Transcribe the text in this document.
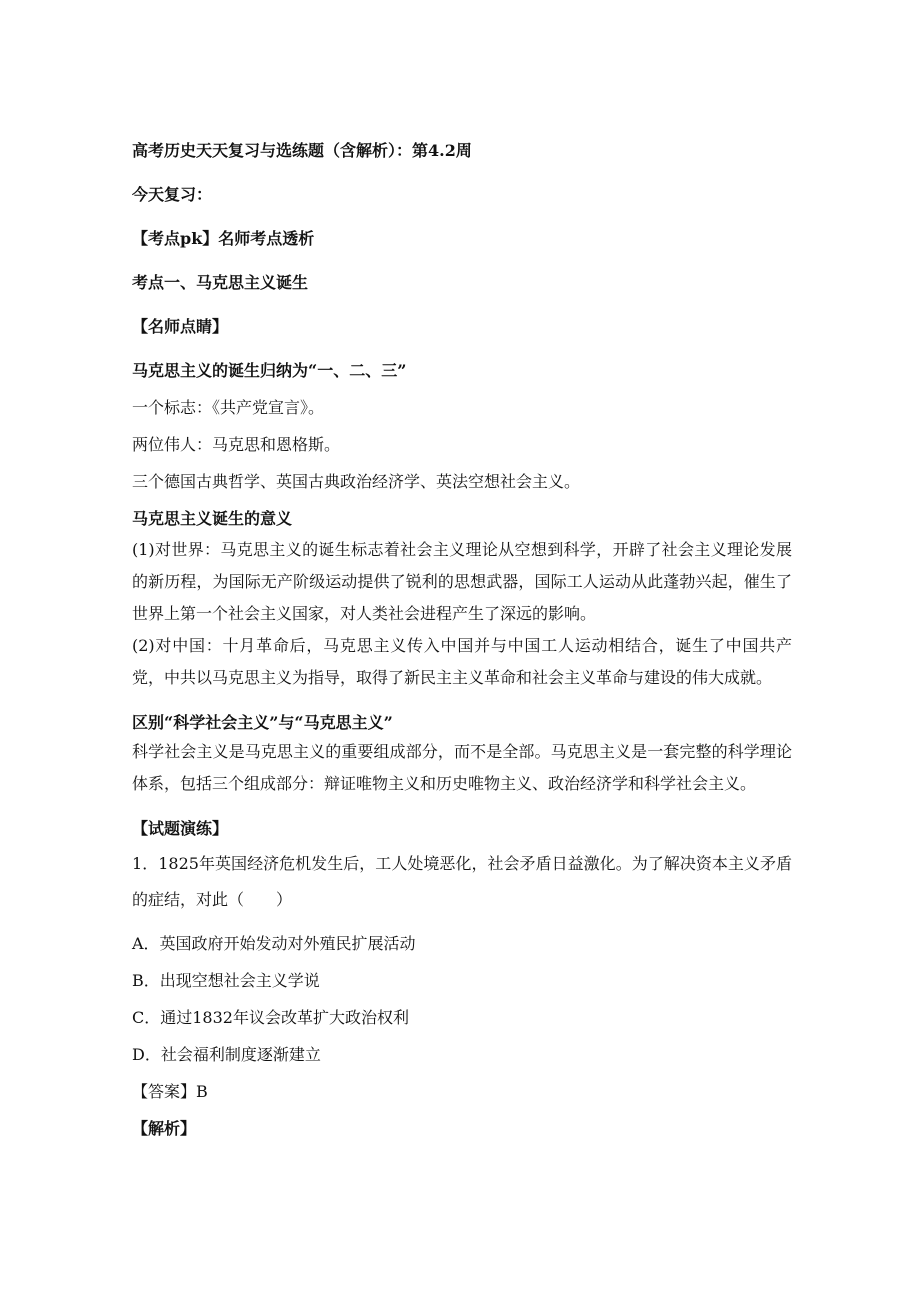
高考历史天天复习与选练题（含解析）：第4.2周
今天复习：
【考点pk】名师考点透析
考点一、马克思主义诞生
【名师点睛】
马克思主义的诞生归纳为“一、二、三”
一个标志：《共产党宣言》。
两位伟人：马克思和恩格斯。
三个德国古典哲学、英国古典政治经济学、英法空想社会主义。
马克思主义诞生的意义
(1)对世界：马克思主义的诞生标志着社会主义理论从空想到科学，开辟了社会主义理论发展的新历程，为国际无产阶级运动提供了锐利的思想武器，国际工人运动从此蓬勃兴起，催生了世界上第一个社会主义国家，对人类社会进程产生了深远的影响。
(2)对中国：十月革命后，马克思主义传入中国并与中国工人运动相结合，诞生了中国共产党，中共以马克思主义为指导，取得了新民主主义革命和社会主义革命与建设的伟大成就。
区别“科学社会主义”与“马克思主义”
科学社会主义是马克思主义的重要组成部分，而不是全部。马克思主义是一套完整的科学理论体系，包括三个组成部分：辩证唯物主义和历史唯物主义、政治经济学和科学社会主义。
【试题演练】
1．1825年英国经济危机发生后，工人处境恶化，社会矛盾日益激化。为了解决资本主义矛盾的症结，对此（　　）
A．英国政府开始发动对外殖民扩展活动
B．出现空想社会主义学说
C．通过1832年议会改革扩大政治权利
D．社会福利制度逐渐建立
【答案】B
【解析】
